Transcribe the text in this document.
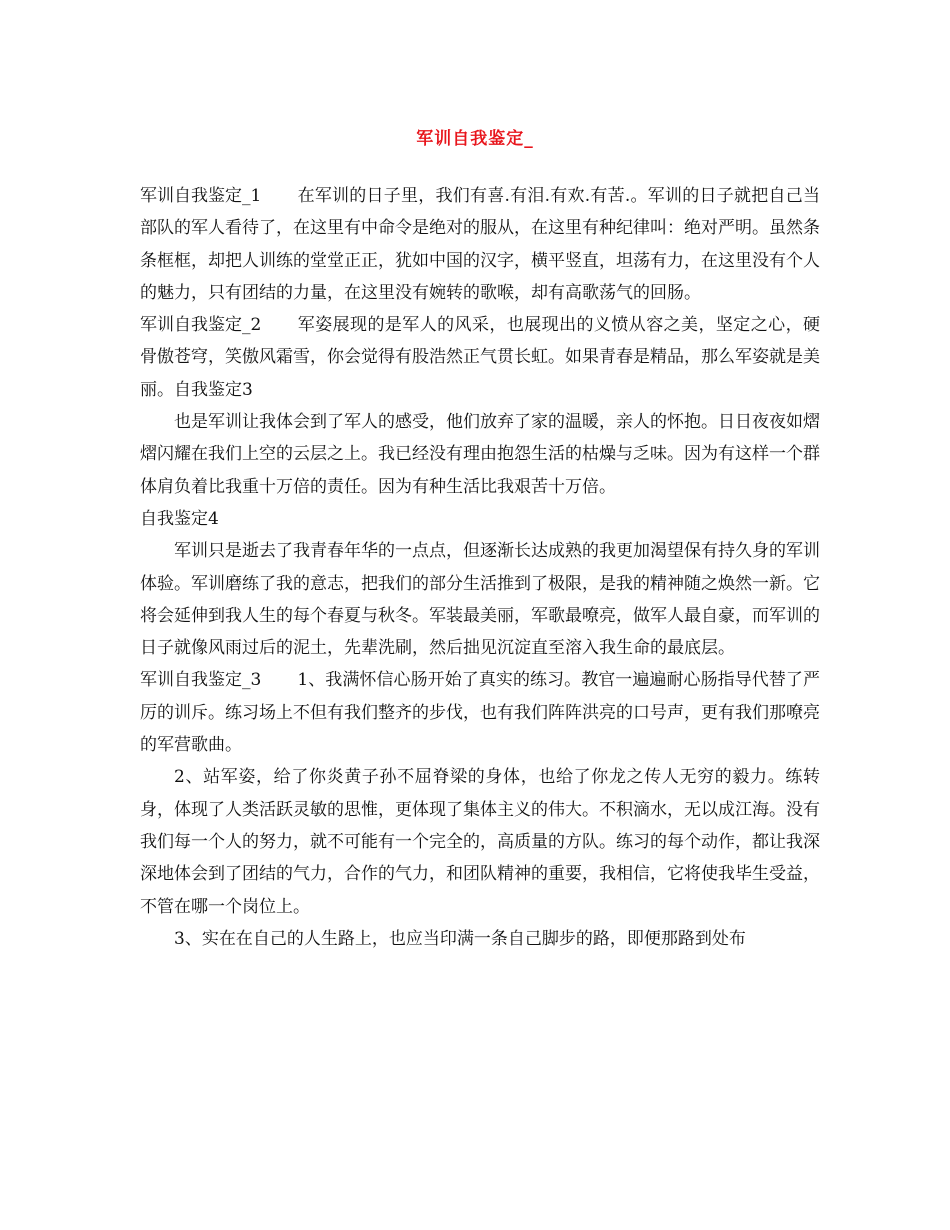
军训自我鉴定_

军训自我鉴定_1 在军训的日子里，我们有喜.有泪.有欢.有苦.。军训的日子就把自己当部队的军人看待了，在这里有中命令是绝对的服从，在这里有种纪律叫：绝对严明。虽然条条框框，却把人训练的堂堂正正，犹如中国的汉字，横平竖直，坦荡有力，在这里没有个人的魅力，只有团结的力量，在这里没有婉转的歌喉，却有高歌荡气的回肠。

军训自我鉴定_2 军姿展现的是军人的风采，也展现出的义愤从容之美，坚定之心，硬骨傲苍穹，笑傲风霜雪，你会觉得有股浩然正气贯长虹。如果青春是精品，那么军姿就是美丽。自我鉴定3

也是军训让我体会到了军人的感受，他们放弃了家的温暖，亲人的怀抱。日日夜夜如熠熠闪耀在我们上空的云层之上。我已经没有理由抱怨生活的枯燥与乏味。因为有这样一个群体肩负着比我重十万倍的责任。因为有种生活比我艰苦十万倍。

自我鉴定4

军训只是逝去了我青春年华的一点点，但逐渐长达成熟的我更加渴望保有持久身的军训体验。军训磨练了我的意志，把我们的部分生活推到了极限，是我的精神随之焕然一新。它将会延伸到我人生的每个春夏与秋冬。军装最美丽，军歌最嘹亮，做军人最自豪，而军训的日子就像风雨过后的泥土，先辈洗刷，然后拙见沉淀直至溶入我生命的最底层。

军训自我鉴定_3 1、我满怀信心肠开始了真实的练习。教官一遍遍耐心肠指导代替了严厉的训斥。练习场上不但有我们整齐的步伐，也有我们阵阵洪亮的口号声，更有我们那嘹亮的军营歌曲。

2、站军姿，给了你炎黄子孙不屈脊梁的身体，也给了你龙之传人无穷的毅力。练转身，体现了人类活跃灵敏的思惟，更体现了集体主义的伟大。不积滴水，无以成江海。没有我们每一个人的努力，就不可能有一个完全的，高质量的方队。练习的每个动作，都让我深深地体会到了团结的气力，合作的气力，和团队精神的重要，我相信，它将使我毕生受益，不管在哪一个岗位上。

3、实在在自己的人生路上，也应当印满一条自己脚步的路，即便那路到处布
